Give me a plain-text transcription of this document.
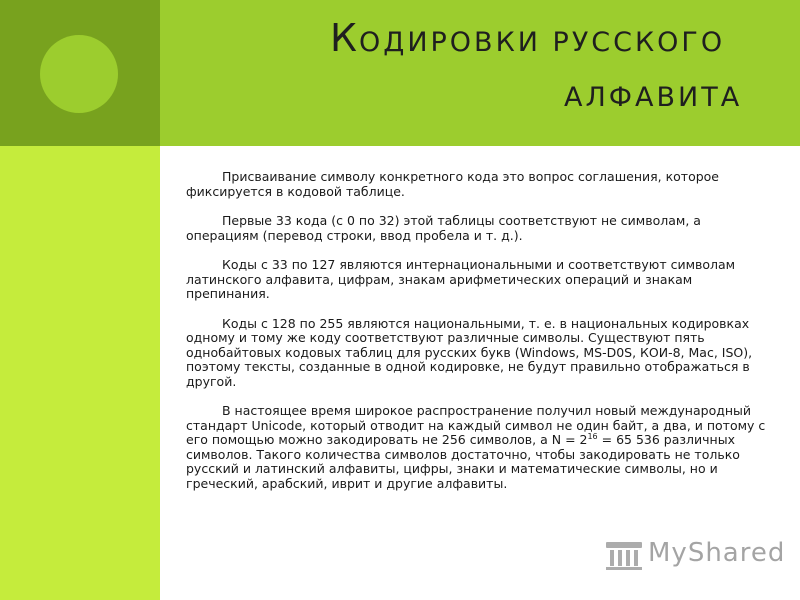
КОДИРОВКИ РУССКОГО
АЛФАВИТА

Присваивание символу конкретного кода это вопрос соглашения, которое фиксируется в кодовой таблице.

Первые 33 кода (с 0 по 32) этой таблицы соответствуют не символам, а операциям (перевод строки, ввод пробела и т. д.).

Коды с 33 по 127 являются интернациональными и соответствуют символам латинского алфавита, цифрам, знакам арифметических операций и знакам препинания.

Коды с 128 по 255 являются национальными, т. е. в национальных кодировках одному и тому же коду соответствуют различные символы. Существуют пять однобайтовых кодовых таблиц для русских букв (Windows, MS-D0S, КОИ-8, Mac, ISO), поэтому тексты, созданные в одной кодировке, не будут правильно отображаться в другой.

В настоящее время широкое распространение получил новый международный стандарт Unicode, который отводит на каждый символ не один байт, а два, и потому с его помощью можно закодировать не 256 символов, а $N = 2^{16} = 65$ 536 различных символов. Такого количества символов достаточно, чтобы закодировать не только русский и латинский алфавиты, цифры, знаки и математические символы, но и греческий, арабский, иврит и другие алфавиты.

MyShared
